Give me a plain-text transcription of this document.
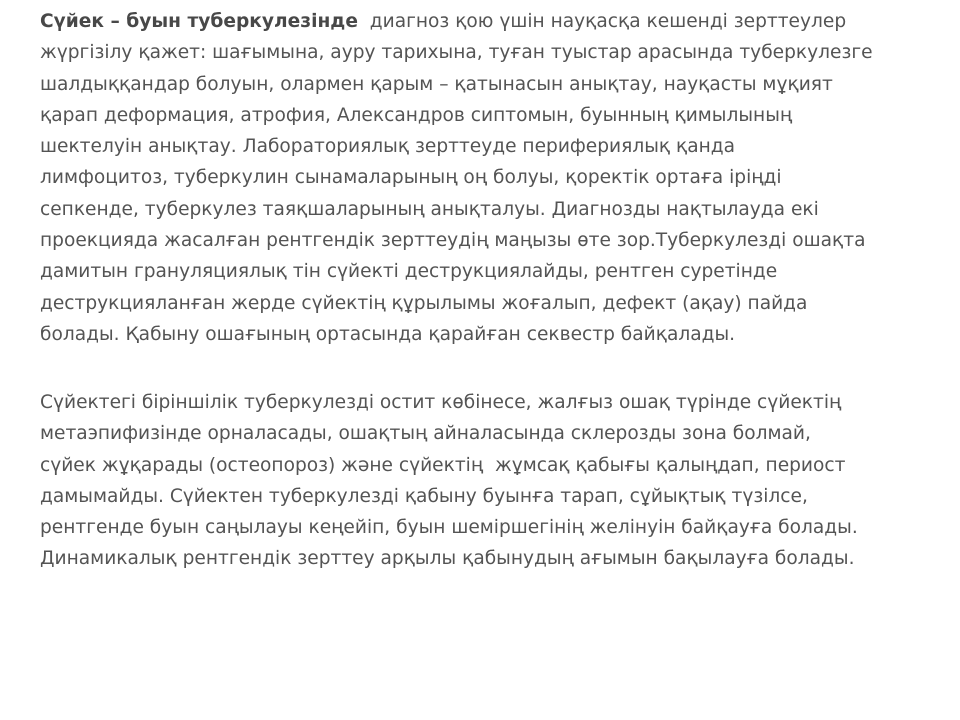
Сүйек – буын туберкулезінде  диагноз қою үшін науқасқа кешенді зерттеулер
жүргізілу қажет: шағымына, ауру тарихына, туған туыстар арасында туберкулезге
шалдыққандар болуын, олармен қарым – қатынасын анықтау, науқасты мұқият
қарап деформация, атрофия, Александров сиптомын, буынның қимылының
шектелуін анықтау. Лабораториялық зерттеуде перифериялық қанда
лимфоцитоз, туберкулин сынамаларының оң болуы, қоректік ортаға іріңді
сепкенде, туберкулез таяқшаларының анықталуы. Диагнозды нақтылауда екі
проекцияда жасалған рентгендік зерттеудің маңызы өте зор.Туберкулезді ошақта
дамитын грануляциялық тін сүйекті деструкциялайды, рентген суретінде
деструкцияланған жерде сүйектің құрылымы жоғалып, дефект (ақау) пайда
болады. Қабыну ошағының ортасында қарайған секвестр байқалады.

Сүйектегі біріншілік туберкулезді остит көбінесе, жалғыз ошақ түрінде сүйектің
метаэпифизінде орналасады, ошақтың айналасында склерозды зона болмай,
сүйек жұқарады (остеопороз) және сүйектің  жұмсақ қабығы қалыңдап, периост
дамымайды. Сүйектен туберкулезді қабыну буынға тарап, сұйықтық түзілсе,
рентгенде буын саңылауы кеңейіп, буын шеміршегінің желінуін байқауға болады.
Динамикалық рентгендік зерттеу арқылы қабынудың ағымын бақылауға болады.
